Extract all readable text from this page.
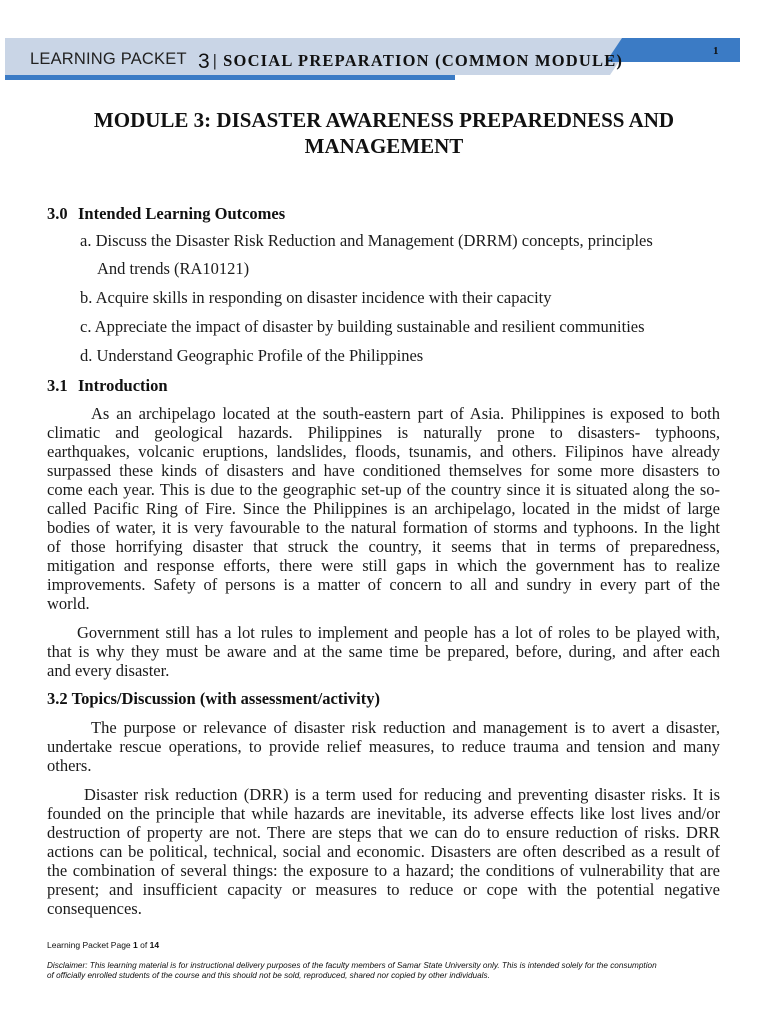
LEARNING PACKET 3 | SOCIAL PREPARATION (COMMON MODULE)	1
MODULE 3: DISASTER AWARENESS PREPAREDNESS AND
MANAGEMENT
3.0 Intended Learning Outcomes
a. Discuss the Disaster Risk Reduction and Management (DRRM) concepts, principles
And trends (RA10121)
b. Acquire skills in responding on disaster incidence with their capacity
c. Appreciate the impact of disaster by building sustainable and resilient communities
d. Understand Geographic Profile of the Philippines
3.1 Introduction
As an archipelago located at the south-eastern part of Asia. Philippines is exposed to both
climatic and geological hazards. Philippines is naturally prone to disasters- typhoons,
earthquakes, volcanic eruptions, landslides, floods, tsunamis, and others. Filipinos have already
surpassed these kinds of disasters and have conditioned themselves for some more disasters to
come each year. This is due to the geographic set-up of the country since it is situated along the so-
called Pacific Ring of Fire. Since the Philippines is an archipelago, located in the midst of large
bodies of water, it is very favourable to the natural formation of storms and typhoons. In the light
of those horrifying disaster that struck the country, it seems that in terms of preparedness,
mitigation and response efforts, there were still gaps in which the government has to realize
improvements. Safety of persons is a matter of concern to all and sundry in every part of the
world.
Government still has a lot rules to implement and people has a lot of roles to be played with,
that is why they must be aware and at the same time be prepared, before, during, and after each
and every disaster.
3.2 Topics/Discussion (with assessment/activity)
The purpose or relevance of disaster risk reduction and management is to avert a disaster,
undertake rescue operations, to provide relief measures, to reduce trauma and tension and many
others.
Disaster risk reduction (DRR) is a term used for reducing and preventing disaster risks. It is
founded on the principle that while hazards are inevitable, its adverse effects like lost lives and/or
destruction of property are not. There are steps that we can do to ensure reduction of risks. DRR
actions can be political, technical, social and economic. Disasters are often described as a result of
the combination of several things: the exposure to a hazard; the conditions of vulnerability that are
present; and insufficient capacity or measures to reduce or cope with the potential negative
consequences.
Learning Packet Page 1 of 14
Disclaimer: This learning material is for instructional delivery purposes of the faculty members of Samar State University only. This is intended solely for the consumption
of officially enrolled students of the course and this should not be sold, reproduced, shared nor copied by other individuals.
